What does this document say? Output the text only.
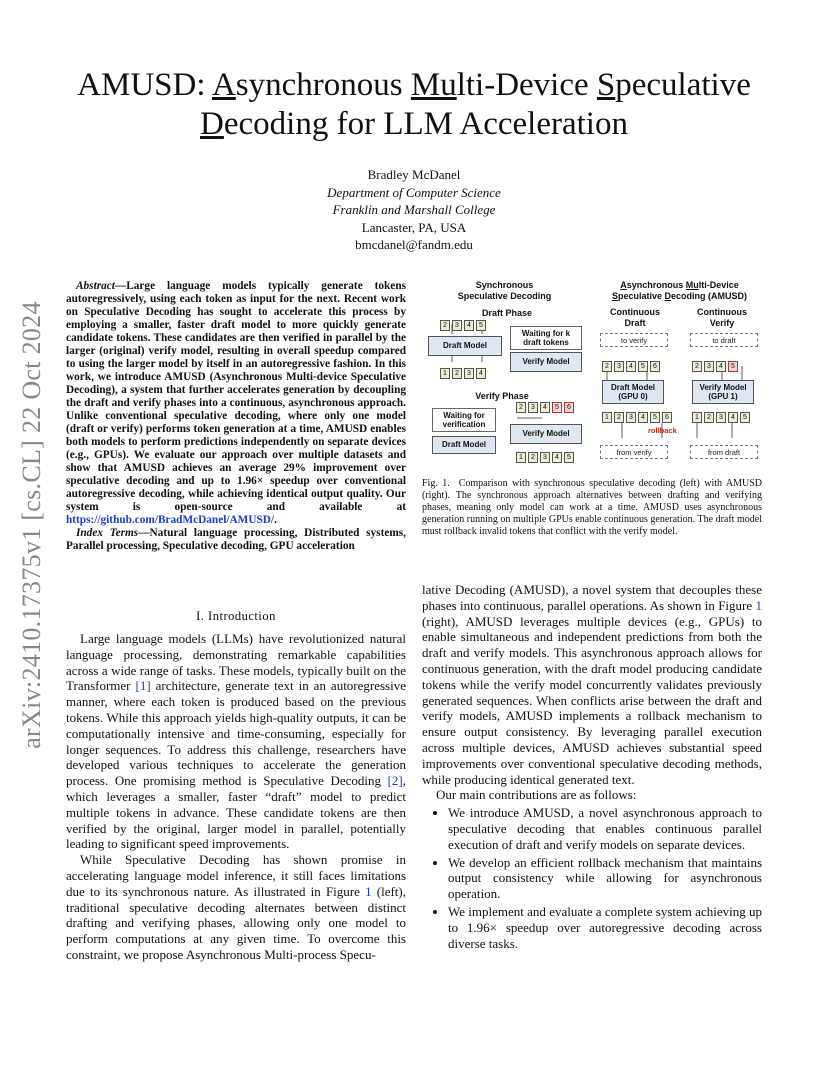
arXiv:2410.17375v1 [cs.CL] 22 Oct 2024
AMUSD: Asynchronous Multi-Device Speculative
Decoding for LLM Acceleration
Bradley McDanel
Department of Computer Science
Franklin and Marshall College
Lancaster, PA, USA
bmcdanel@fandm.edu
Abstract—Large language models typically generate tokens autoregressively, using each token as input for the next. Recent work on Speculative Decoding has sought to accelerate this process by employing a smaller, faster draft model to more quickly generate candidate tokens. These candidates are then verified in parallel by the larger (original) verify model, resulting in overall speedup compared to using the larger model by itself in an autoregressive fashion. In this work, we introduce AMUSD (Asynchronous Multi-device Speculative Decoding), a system that further accelerates generation by decoupling the draft and verify phases into a continuous, asynchronous approach. Unlike conventional speculative decoding, where only one model (draft or verify) performs token generation at a time, AMUSD enables both models to perform predictions independently on separate devices (e.g., GPUs). We evaluate our approach over multiple datasets and show that AMUSD achieves an average 29% improvement over speculative decoding and up to 1.96× speedup over conventional autoregressive decoding, while achieving identical output quality. Our system is open-source and available at https://github.com/BradMcDanel/AMUSD/.
Index Terms—Natural language processing, Distributed systems, Parallel processing, Speculative decoding, GPU acceleration
Synchronous
Speculative Decoding
Asynchronous Multi-Device
Speculative Decoding (AMUSD)
Draft Phase
2	3	4	5
Draft Model
1	2	3	4
Waiting for k
draft tokens
Verify Model
Verify Phase
2	3	4	5	6
Waiting for
verification
Draft Model
Verify Model
1	2	3	4	5
Continuous
Draft
Continuous
Verify
to verify	to draft
2	3	4	5	6	2	3	4	5
Draft Model
(GPU 0)
Verify Model
(GPU 1)
1	2	3	4	5	6	1	2	3	4	5
rollback
from verify	from draft
Fig. 1. Comparison with synchronous speculative decoding (left) with AMUSD (right). The synchronous approach alternatives between drafting and verifying phases, meaning only model can work at a time. AMUSD uses asynchronous generation running on multiple GPUs enable continuous generation. The draft model must rollback invalid tokens that conflict with the verify model.
I. Introduction

Large language models (LLMs) have revolutionized natural language processing, demonstrating remarkable capabilities across a wide range of tasks. These models, typically built on the Transformer [1] architecture, generate text in an autoregressive manner, where each token is produced based on the previous tokens. While this approach yields high-quality outputs, it can be computationally intensive and time-consuming, especially for longer sequences. To address this challenge, researchers have developed various techniques to accelerate the generation process. One promising method is Speculative Decoding [2], which leverages a smaller, faster “draft” model to predict multiple tokens in advance. These candidate tokens are then verified by the original, larger model in parallel, potentially leading to significant speed improvements.

While Speculative Decoding has shown promise in accelerating language model inference, it still faces limitations due to its synchronous nature. As illustrated in Figure 1 (left), traditional speculative decoding alternates between distinct drafting and verifying phases, allowing only one model to perform computations at any given time. To overcome this constraint, we propose Asynchronous Multi-process Specu-

lative Decoding (AMUSD), a novel system that decouples these phases into continuous, parallel operations. As shown in Figure 1 (right), AMUSD leverages multiple devices (e.g., GPUs) to enable simultaneous and independent predictions from both the draft and verify models. This asynchronous approach allows for continuous generation, with the draft model producing candidate tokens while the verify model concurrently validates previously generated sequences. When conflicts arise between the draft and verify models, AMUSD implements a rollback mechanism to ensure output consistency. By leveraging parallel execution across multiple devices, AMUSD achieves substantial speed improvements over conventional speculative decoding methods, while producing identical generated text.

Our main contributions are as follows:

• We introduce AMUSD, a novel asynchronous approach to speculative decoding that enables continuous parallel execution of draft and verify models on separate devices.
• We develop an efficient rollback mechanism that maintains output consistency while allowing for asynchronous operation.
• We implement and evaluate a complete system achieving up to 1.96× speedup over autoregressive decoding across diverse tasks.
